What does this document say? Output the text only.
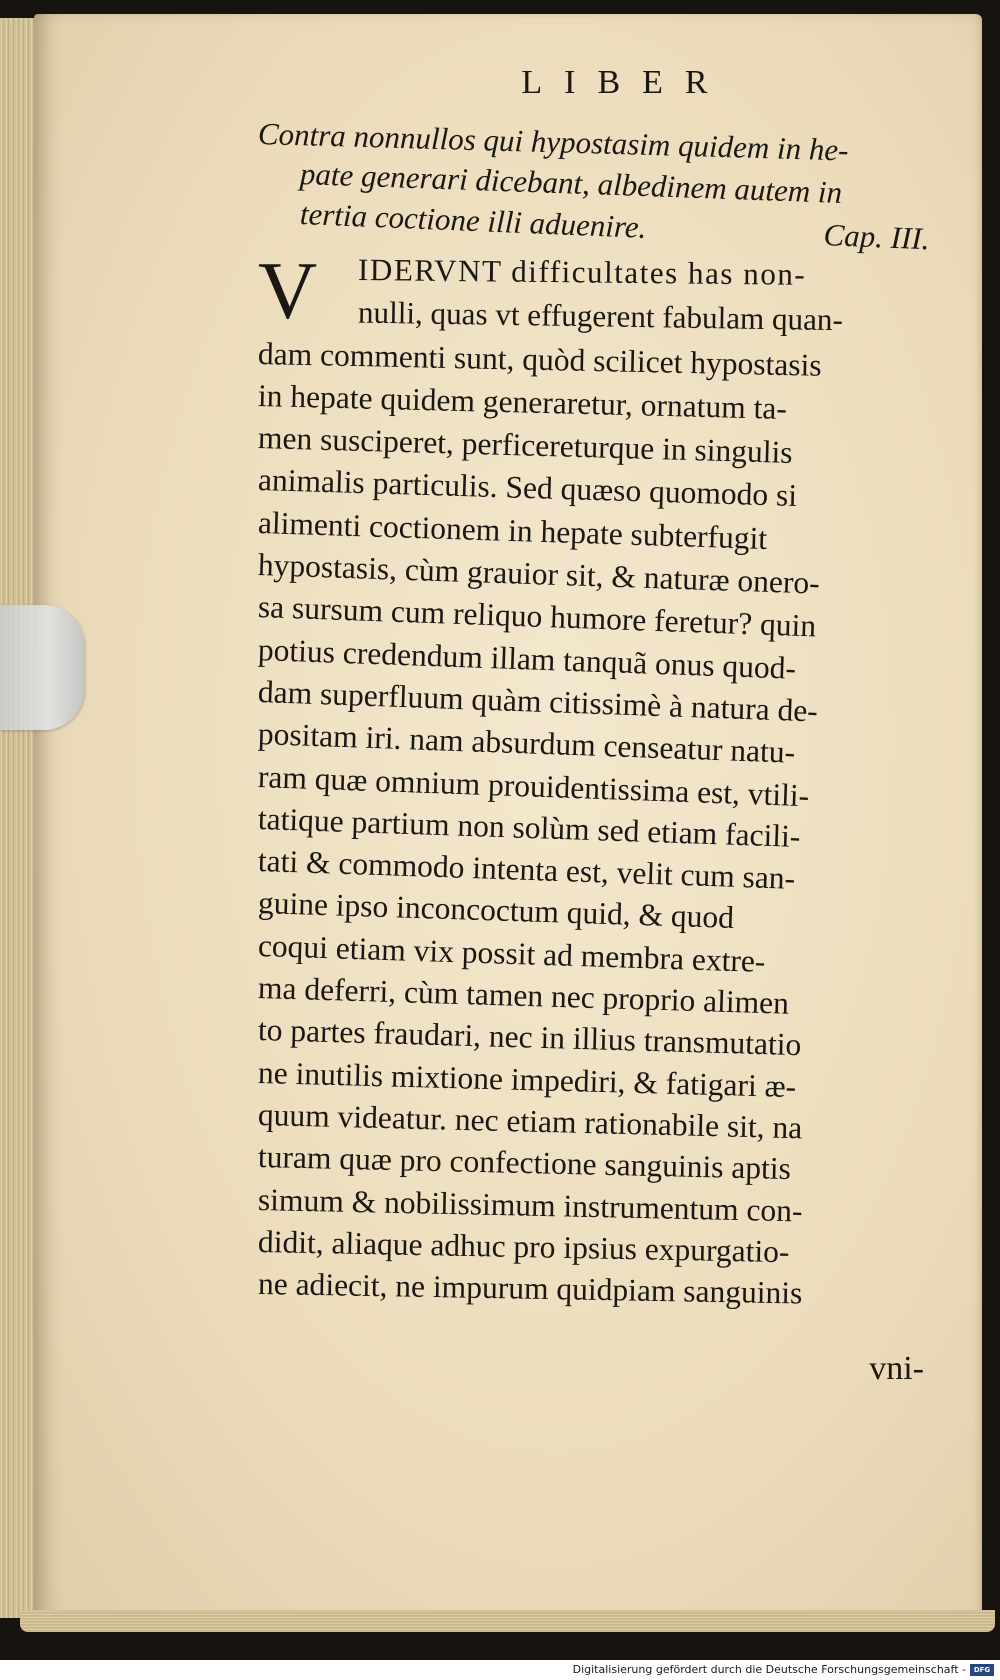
LIBER
Contra nonnullos qui hypostasim quidem in he-
pate generari dicebant, albedinem autem in
tertia coctione illi aduenire.	Cap. III.
V	IDERVNT difficultates has non-
nulli, quas vt effugerent fabulam quan-
dam commenti sunt, quòd scilicet hypostasis
in hepate quidem generaretur, ornatum ta-
men susciperet, perficereturque in singulis
animalis particulis. Sed quæso quomodo si
alimenti coctionem in hepate subterfugit
hypostasis, cùm grauior sit, & naturæ onero-
sa sursum cum reliquo humore feretur? quin
potius credendum illam tanquã onus quod-
dam superfluum quàm citissimè à natura de-
positam iri. nam absurdum censeatur natu-
ram quæ omnium prouidentissima est, vtili-
tatique partium non solùm sed etiam facili-
tati & commodo intenta est, velit cum san-
guine ipso inconcoctum quid, & quod
coqui etiam vix possit ad membra extre-
ma deferri, cùm tamen nec proprio alimen
to partes fraudari, nec in illius transmutatio
ne inutilis mixtione impediri, & fatigari æ-
quum videatur. nec etiam rationabile sit, na
turam quæ pro confectione sanguinis aptis
simum & nobilissimum instrumentum con-
didit, aliaque adhuc pro ipsius expurgatio-
ne adiecit, ne impurum quidpiam sanguinis
vni-
Digitalisierung gefördert durch die Deutsche Forschungsgemeinschaft -	DFG
